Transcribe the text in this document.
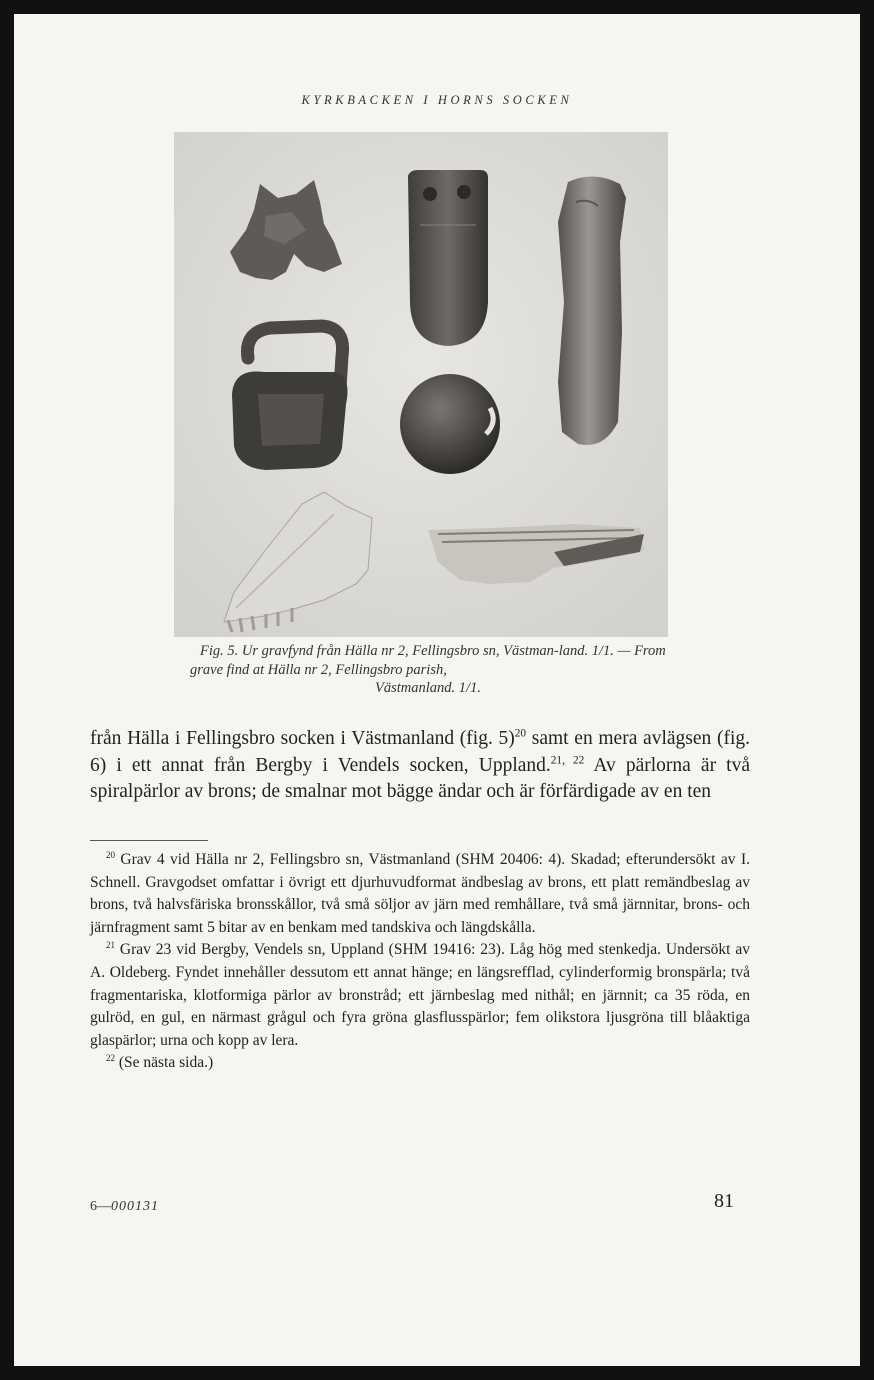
KYRKBACKEN I HORNS SOCKEN
Fig. 5. Ur gravfynd från Hälla nr 2, Fellingsbro sn, Västman-land. 1/1. — From grave find at Hälla nr 2, Fellingsbro parish,
Västmanland. 1/1.
från Hälla i Fellingsbro socken i Västmanland (fig. 5)$^{20}$ samt en mera avlägsen (fig. 6) i ett annat från Bergby i Vendels socken, Uppland.$^{21, 22}$ Av pärlorna är två spiralpärlor av brons; de smalnar mot bägge ändar och är förfärdigade av en ten

$^{20}$ Grav 4 vid Hälla nr 2, Fellingsbro sn, Västmanland (SHM 20406: 4). Skadad; efterundersökt av I. Schnell. Gravgodset omfattar i övrigt ett djurhuvudformat ändbeslag av brons, ett platt remändbeslag av brons, två halvsfäriska bronsskållor, två små söljor av järn med remhållare, två små järnnitar, brons- och järnfragment samt 5 bitar av en benkam med tandskiva och längdskålla.

$^{21}$ Grav 23 vid Bergby, Vendels sn, Uppland (SHM 19416: 23). Låg hög med stenkedja. Undersökt av A. Oldeberg. Fyndet innehåller dessutom ett annat hänge; en längsrefflad, cylinderformig bronspärla; två fragmentariska, klotformiga pärlor av bronstråd; ett järnbeslag med nithål; en järnnit; ca 35 röda, en gulröd, en gul, en närmast grågul och fyra gröna glasflusspärlor; fem olikstora ljusgröna till blåaktiga glaspärlor; urna och kopp av lera.

$^{22}$ (Se nästa sida.)

6—000131	81
